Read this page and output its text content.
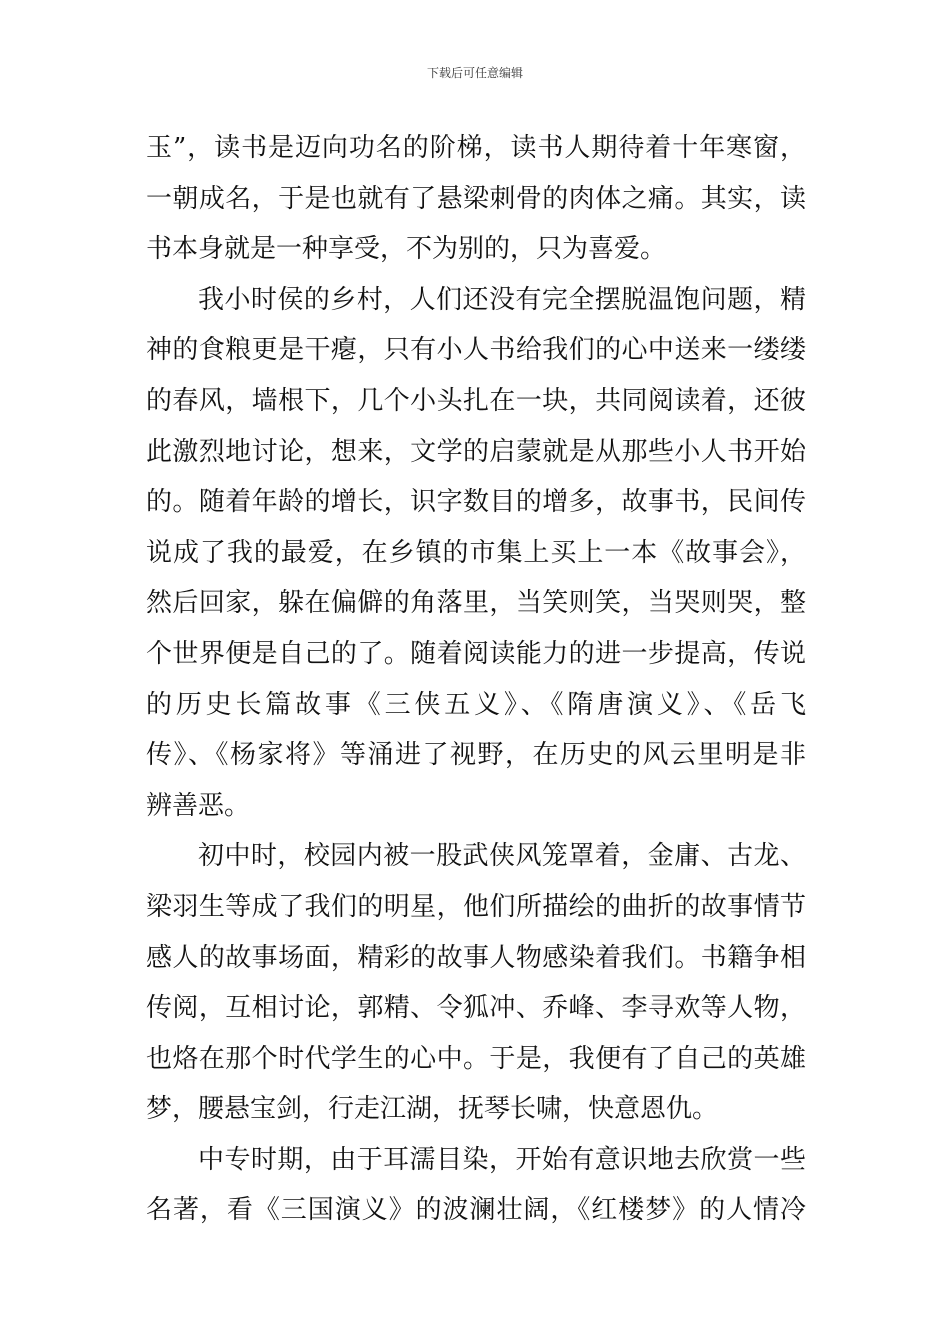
下载后可任意编辑
玉”，读书是迈向功名的阶梯，读书人期待着十年寒窗，
一朝成名，于是也就有了悬梁刺骨的肉体之痛。其实，读
书本身就是一种享受，不为别的，只为喜爱。
我小时侯的乡村，人们还没有完全摆脱温饱问题，精
神的食粮更是干瘪，只有小人书给我们的心中送来一缕缕
的春风，墙根下，几个小头扎在一块，共同阅读着，还彼
此激烈地讨论，想来，文学的启蒙就是从那些小人书开始
的。随着年龄的增长，识字数目的增多，故事书，民间传
说成了我的最爱，在乡镇的市集上买上一本《故事会》，
然后回家，躲在偏僻的角落里，当笑则笑，当哭则哭，整
个世界便是自己的了。随着阅读能力的进一步提高，传说
的历史长篇故事《三侠五义》、《隋唐演义》、《岳飞
传》、《杨家将》等涌进了视野，在历史的风云里明是非
辨善恶。
初中时，校园内被一股武侠风笼罩着，金庸、古龙、
梁羽生等成了我们的明星，他们所描绘的曲折的故事情节
感人的故事场面，精彩的故事人物感染着我们。书籍争相
传阅，互相讨论，郭精、令狐冲、乔峰、李寻欢等人物，
也烙在那个时代学生的心中。于是，我便有了自己的英雄
梦，腰悬宝剑，行走江湖，抚琴长啸，快意恩仇。
中专时期，由于耳濡目染，开始有意识地去欣赏一些
名著，看《三国演义》的波澜壮阔，《红楼梦》的人情冷
